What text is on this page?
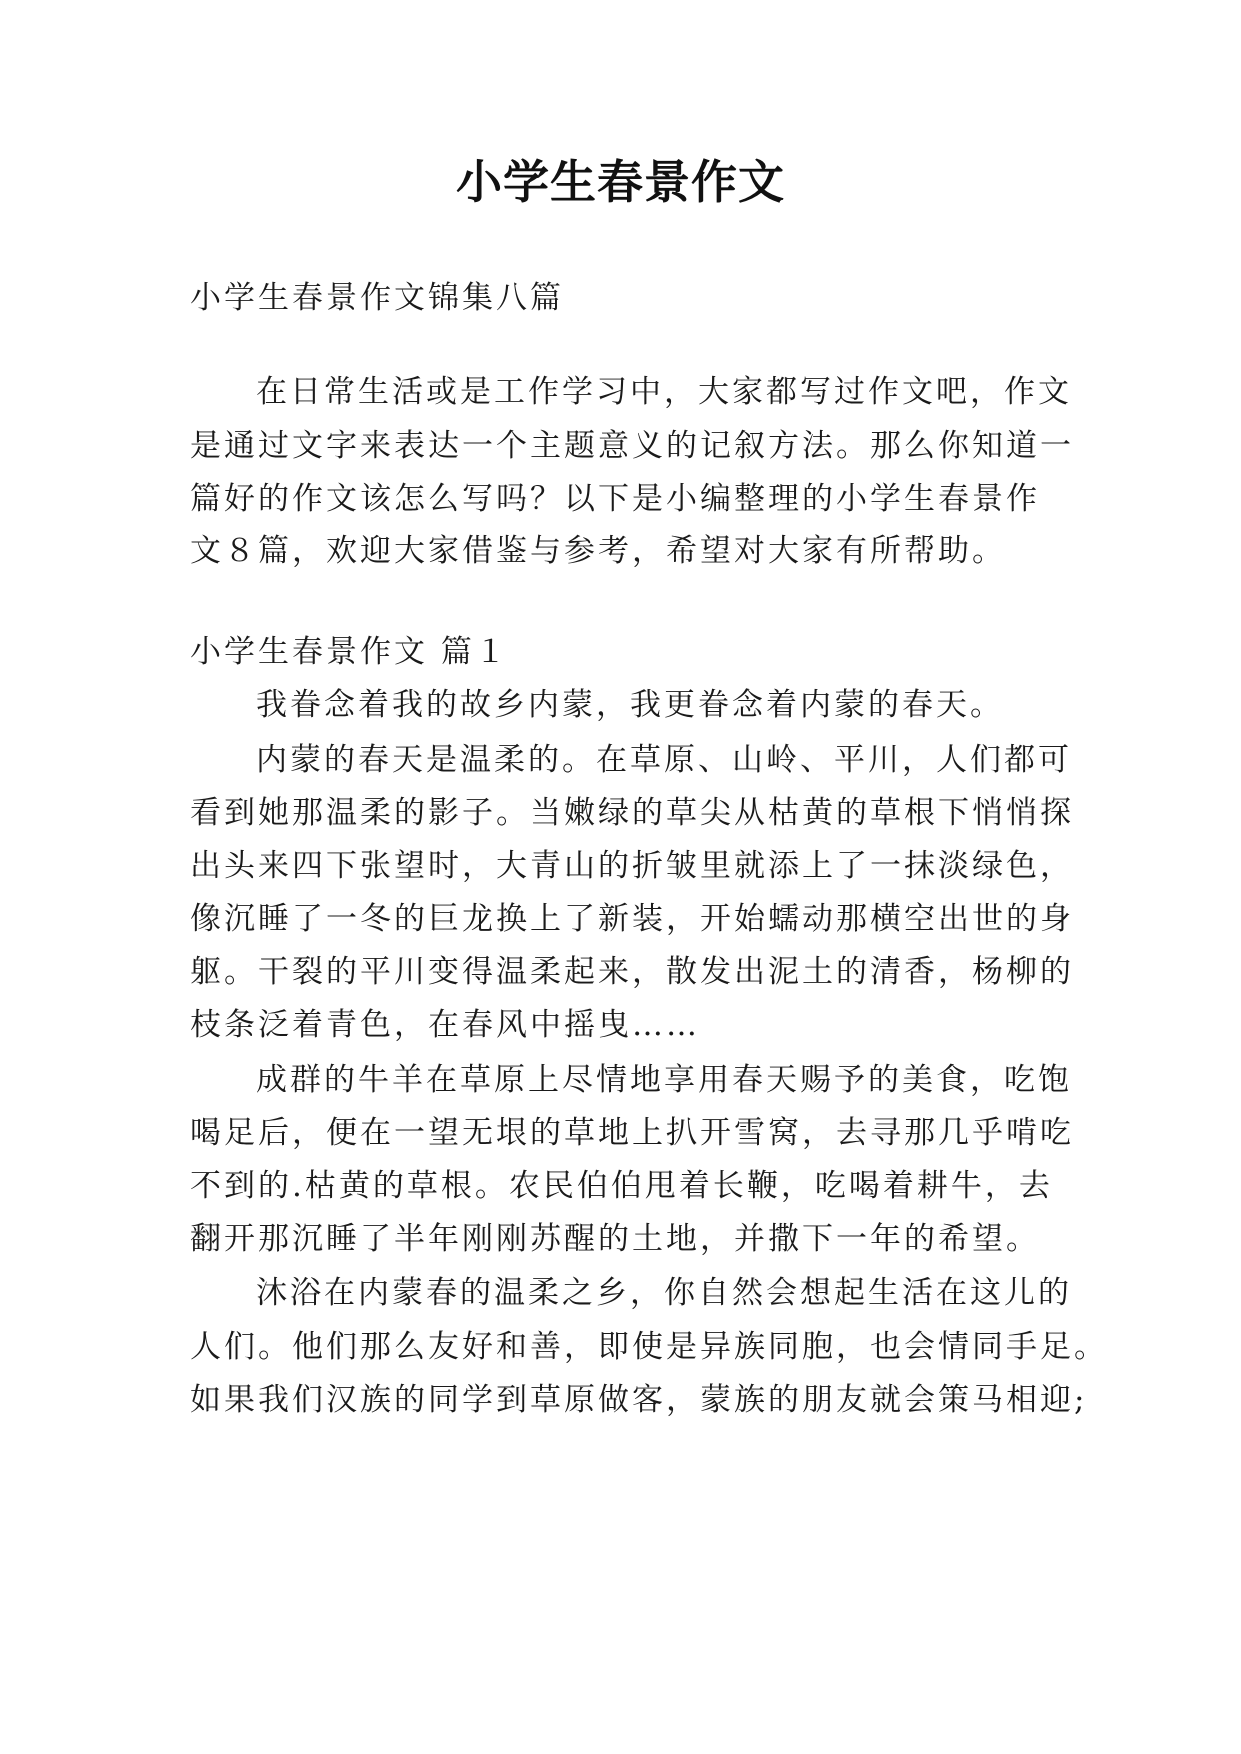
小学生春景作文

小学生春景作文锦集八篇

在日常生活或是工作学习中，大家都写过作文吧，作文

是通过文字来表达一个主题意义的记叙方法。那么你知道一

篇好的作文该怎么写吗？以下是小编整理的小学生春景作

文８篇，欢迎大家借鉴与参考，希望对大家有所帮助。

小学生春景作文 篇１

我眷念着我的故乡内蒙，我更眷念着内蒙的春天。

内蒙的春天是温柔的。在草原、山岭、平川，人们都可

看到她那温柔的影子。当嫩绿的草尖从枯黄的草根下悄悄探

出头来四下张望时，大青山的折皱里就添上了一抹淡绿色，

像沉睡了一冬的巨龙换上了新装，开始蠕动那横空出世的身

躯。干裂的平川变得温柔起来，散发出泥土的清香，杨柳的

枝条泛着青色，在春风中摇曳……

成群的牛羊在草原上尽情地享用春天赐予的美食，吃饱

喝足后，便在一望无垠的草地上扒开雪窝，去寻那几乎啃吃

不到的.枯黄的草根。农民伯伯甩着长鞭，吃喝着耕牛，去

翻开那沉睡了半年刚刚苏醒的土地，并撒下一年的希望。

沐浴在内蒙春的温柔之乡，你自然会想起生活在这儿的

人们。他们那么友好和善，即使是异族同胞，也会情同手足。

如果我们汉族的同学到草原做客，蒙族的朋友就会策马相迎;
